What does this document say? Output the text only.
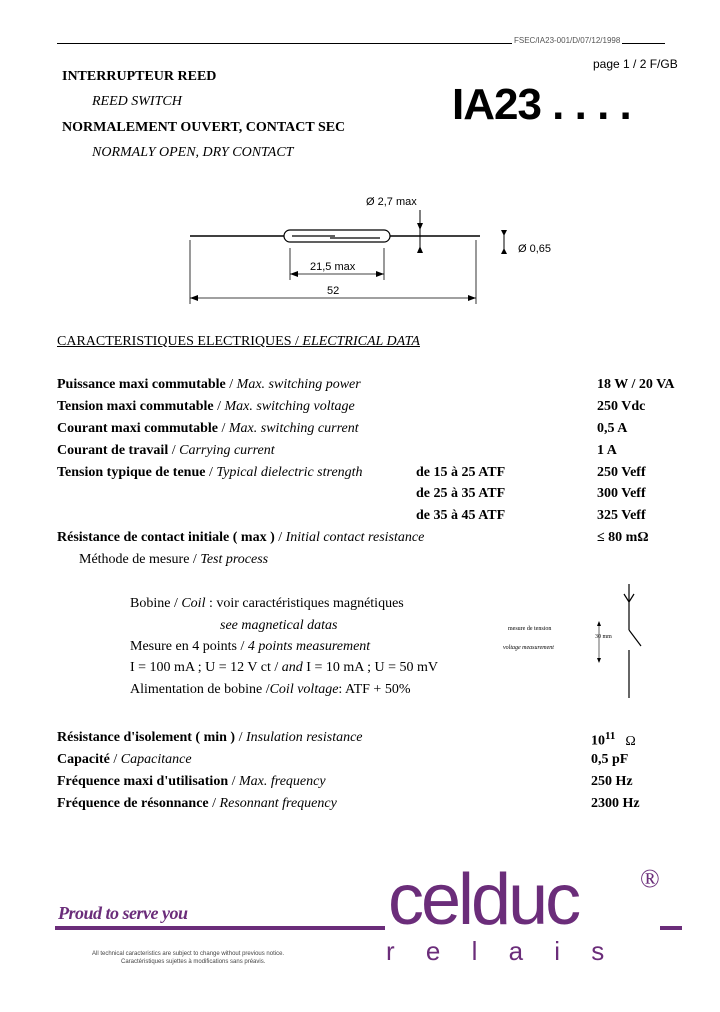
FSEC/IA23-001/D/07/12/1998
page 1 / 2 F/GB
INTERRUPTEUR REED
REED SWITCH
NORMALEMENT OUVERT, CONTACT SEC
NORMALY OPEN, DRY CONTACT
IA23 . . . .
Ø 2,7 max
Ø 0,65
21,5 max
52
CARACTERISTIQUES ELECTRIQUES / ELECTRICAL DATA
Puissance maxi commutable / Max. switching power	18 W / 20 VA
Tension maxi commutable / Max. switching voltage	250 Vdc
Courant maxi commutable / Max. switching current	0,5 A
Courant de travail / Carrying current	1 A
Tension typique de tenue / Typical dielectric strength	de 15 à 25 ATF	250 Veff
de 25 à 35 ATF	300 Veff
de 35 à 45 ATF	325 Veff
Résistance de contact initiale ( max ) / Initial contact resistance	≤ 80 mΩ
Méthode de mesure / Test process
Bobine / Coil : voir caractéristiques magnétiques
see magnetical datas
Mesure en 4 points / 4 points measurement
I = 100 mA ; U = 12 V ct / and I = 10 mA ; U = 50 mV
Alimentation de bobine /Coil voltage: ATF + 50%
mesure de tension
voltage measurement
30 mm
Résistance d'isolement ( min ) / Insulation resistance	$10^{11}$ Ω
Capacité / Capacitance	0,5 pF
Fréquence maxi d'utilisation / Max. frequency	250 Hz
Fréquence de résonnance / Resonnant frequency	2300 Hz
Proud to serve you	celduc ®
r e l a i s
All technical caracteristics are subject to change without previous notice.
Caractéristiques sujettes à modifications sans préavis.
